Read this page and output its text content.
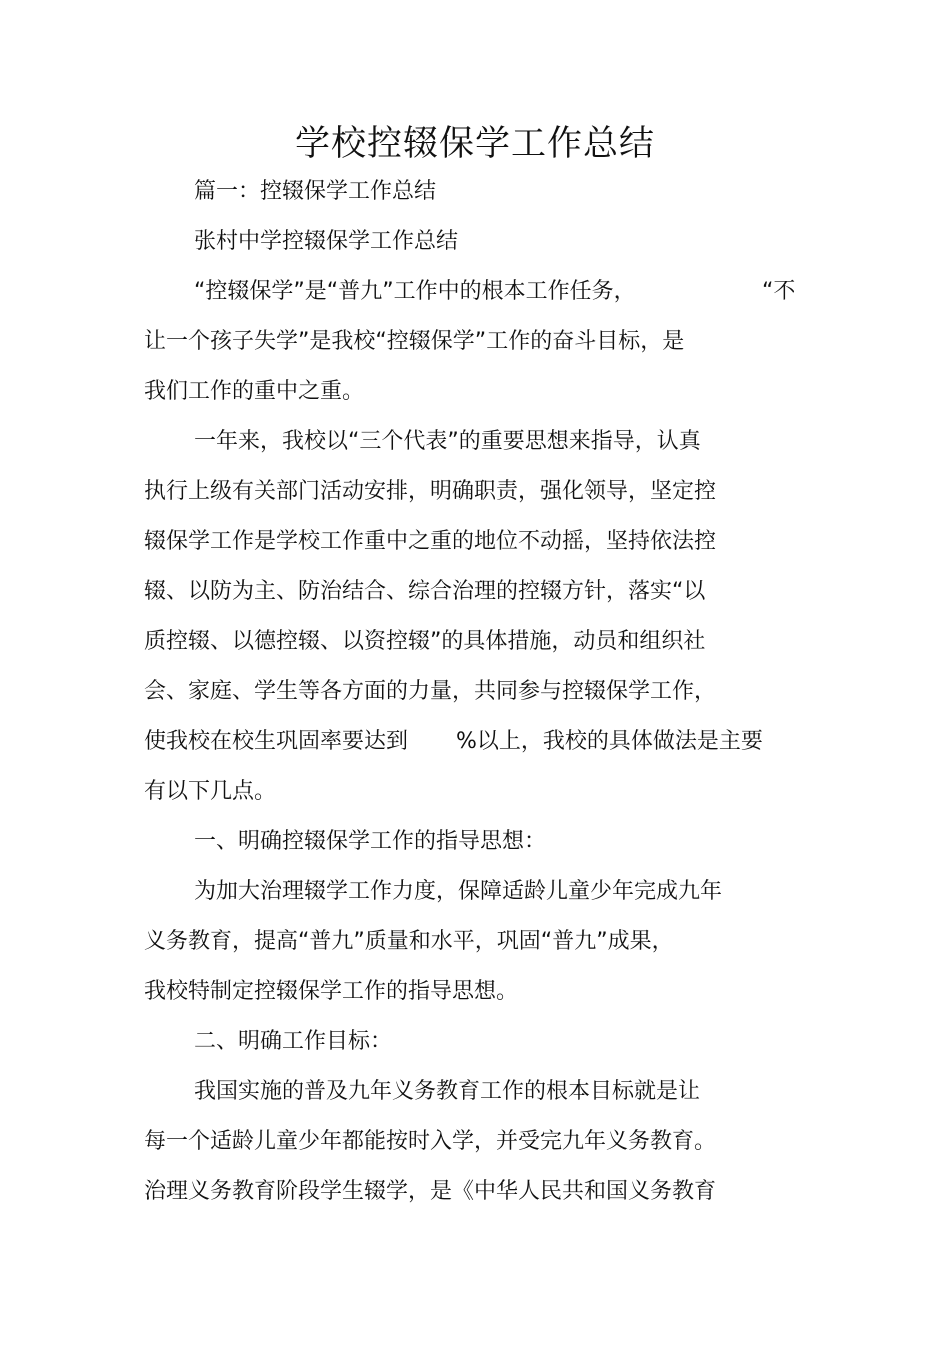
学校控辍保学工作总结
篇一：控辍保学工作总结
张村中学控辍保学工作总结
“控辍保学”是“普九”工作中的根本工作任务，	“不
让一个孩子失学”是我校“控辍保学”工作的奋斗目标，是
我们工作的重中之重。
一年来，我校以“三个代表”的重要思想来指导，认真
执行上级有关部门活动安排，明确职责，强化领导，坚定控
辍保学工作是学校工作重中之重的地位不动摇，坚持依法控
辍、以防为主、防治结合、综合治理的控辍方针，落实“以
质控辍、以德控辍、以资控辍”的具体措施，动员和组织社
会、家庭、学生等各方面的力量，共同参与控辍保学工作，
使我校在校生巩固率要达到 %以上，我校的具体做法是主要
有以下几点。
一、明确控辍保学工作的指导思想：
为加大治理辍学工作力度，保障适龄儿童少年完成九年
义务教育，提高“普九”质量和水平，巩固“普九”成果，
我校特制定控辍保学工作的指导思想。
二、明确工作目标：
我国实施的普及九年义务教育工作的根本目标就是让
每一个适龄儿童少年都能按时入学，并受完九年义务教育。
治理义务教育阶段学生辍学，是《中华人民共和国义务教育
